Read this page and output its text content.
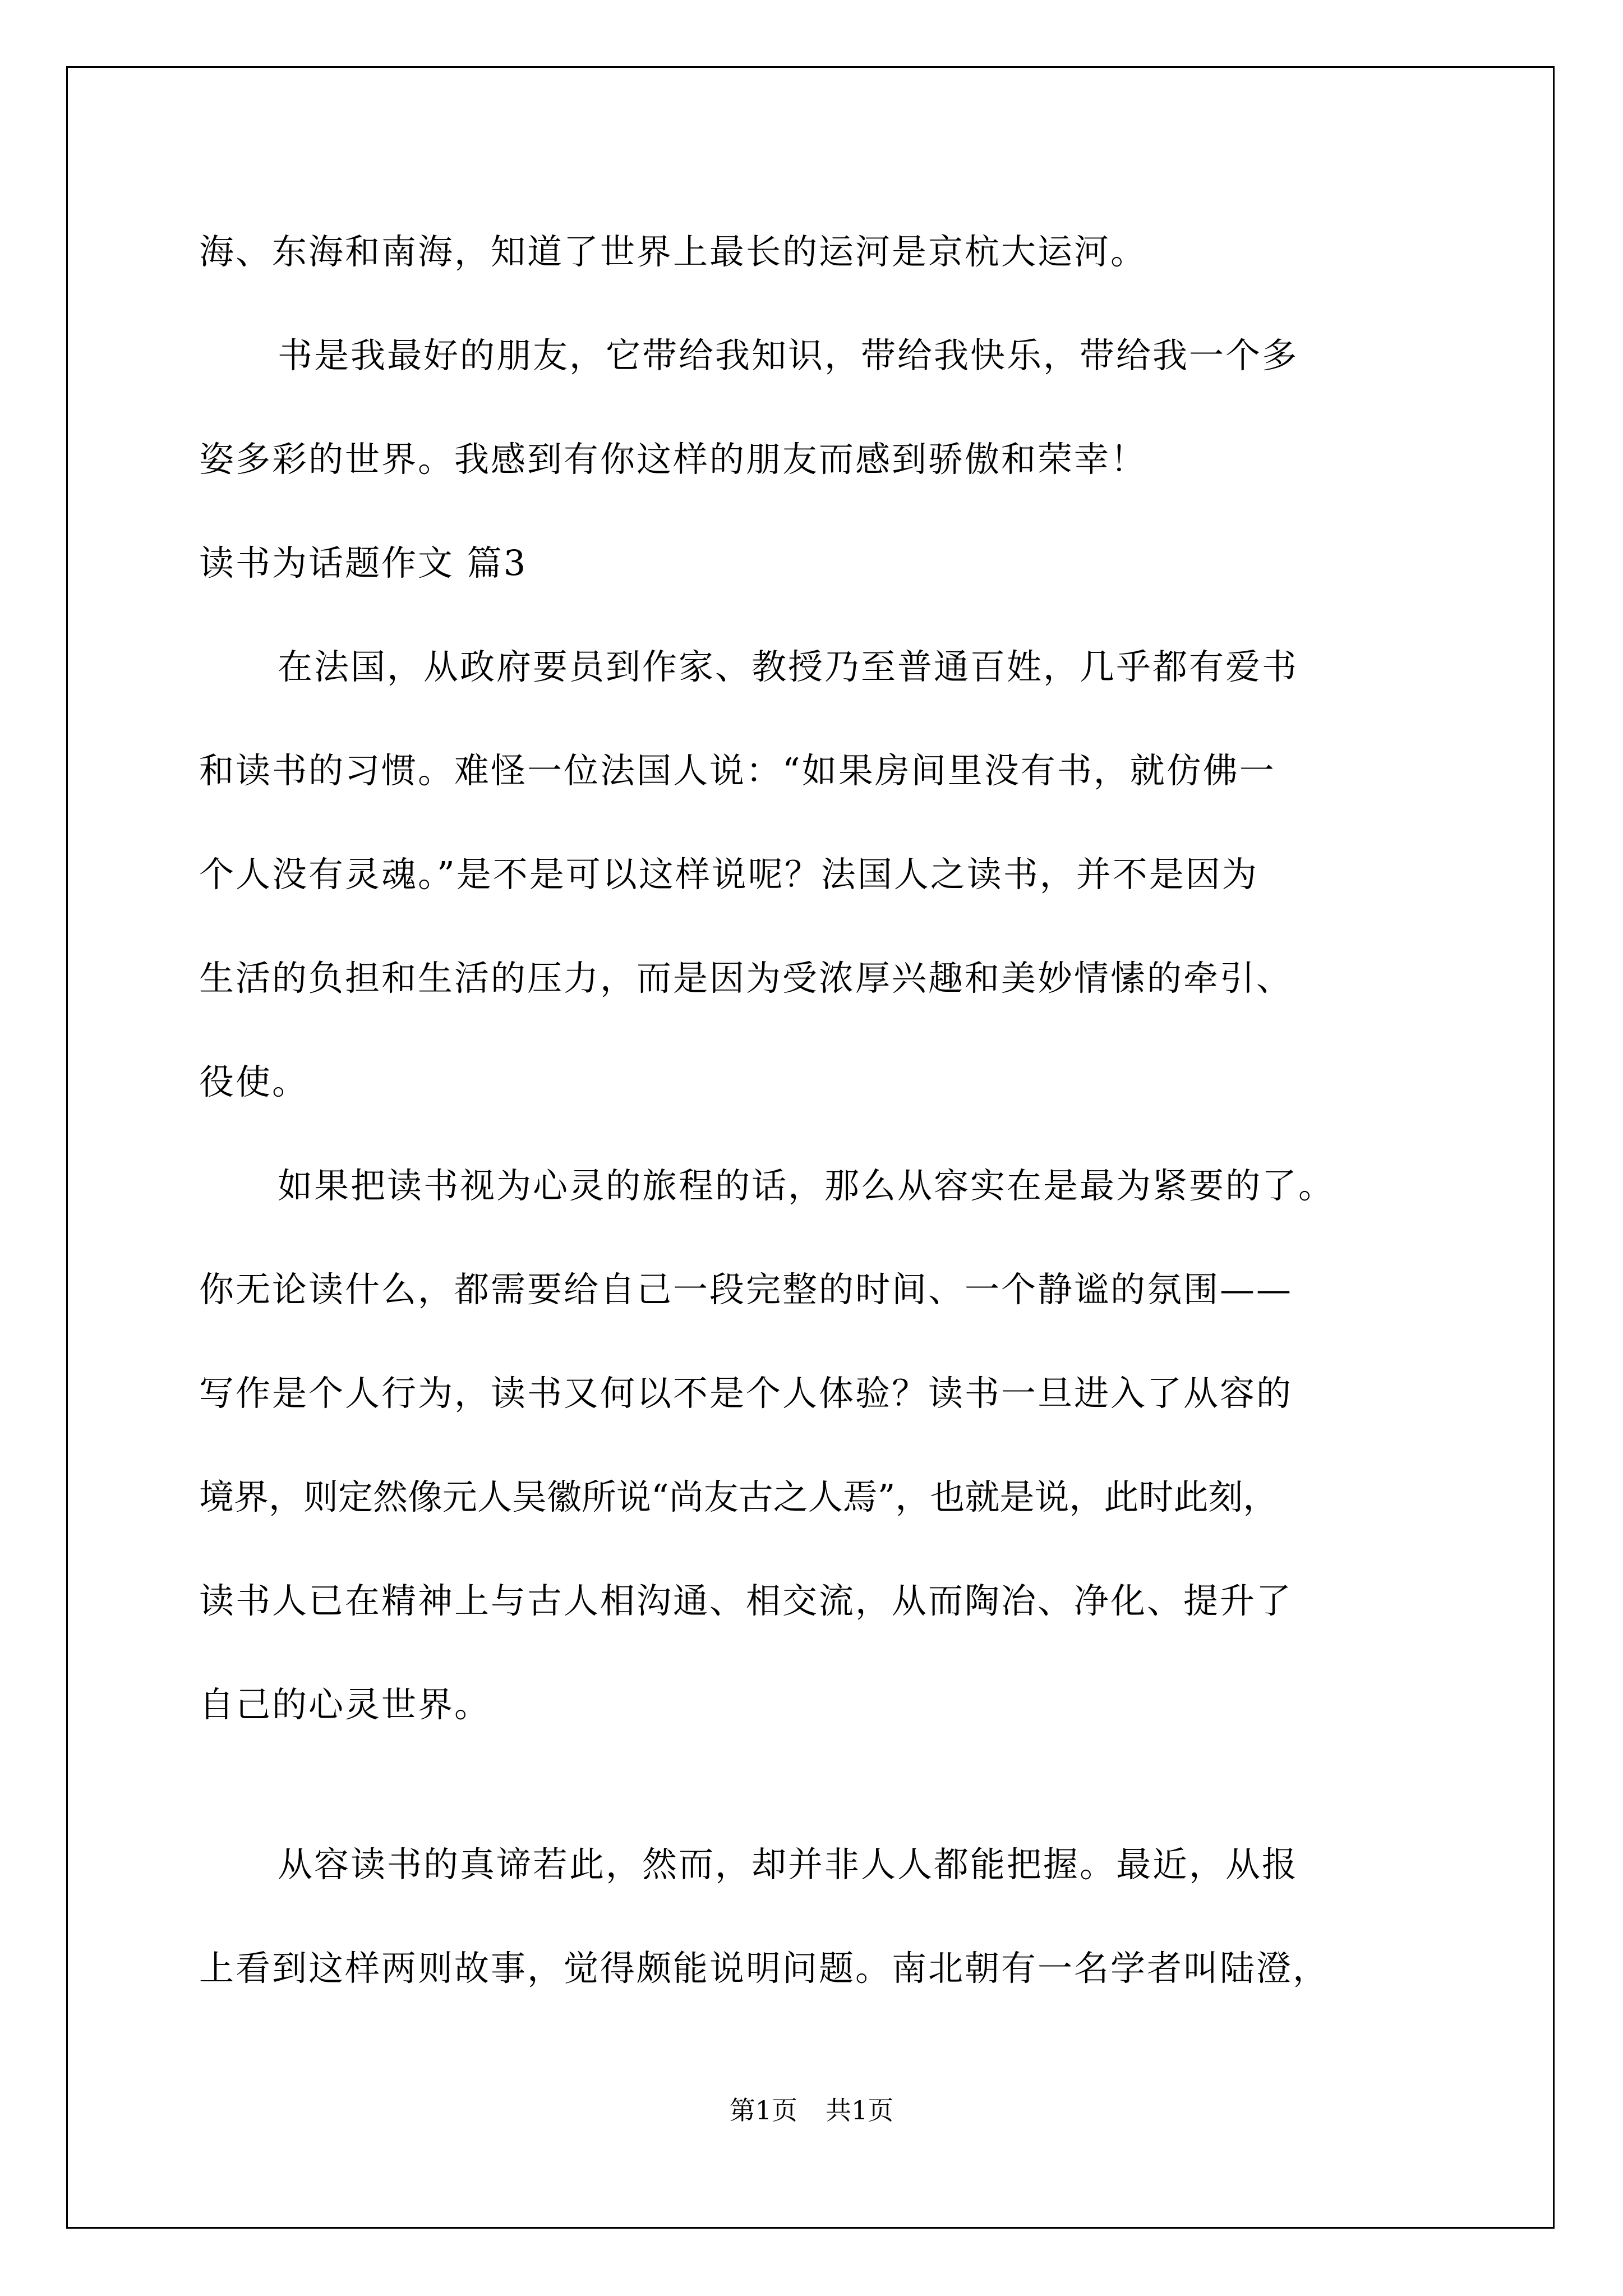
海、东海和南海，知道了世界上最长的运河是京杭大运河。
书是我最好的朋友，它带给我知识，带给我快乐，带给我一个多
姿多彩的世界。我感到有你这样的朋友而感到骄傲和荣幸！
读书为话题作文 篇3
在法国，从政府要员到作家、教授乃至普通百姓，几乎都有爱书
和读书的习惯。难怪一位法国人说：“如果房间里没有书，就仿佛一
个人没有灵魂。”是不是可以这样说呢？法国人之读书，并不是因为
生活的负担和生活的压力，而是因为受浓厚兴趣和美妙情愫的牵引、
役使。
如果把读书视为心灵的旅程的话，那么从容实在是最为紧要的了。
你无论读什么，都需要给自己一段完整的时间、一个静谧的氛围——
写作是个人行为，读书又何以不是个人体验？读书一旦进入了从容的
境界，则定然像元人吴徽所说“尚友古之人焉”，也就是说，此时此刻，
读书人已在精神上与古人相沟通、相交流，从而陶冶、净化、提升了
自己的心灵世界。
从容读书的真谛若此，然而，却并非人人都能把握。最近，从报
上看到这样两则故事，觉得颇能说明问题。南北朝有一名学者叫陆澄，
第1页 共1页
